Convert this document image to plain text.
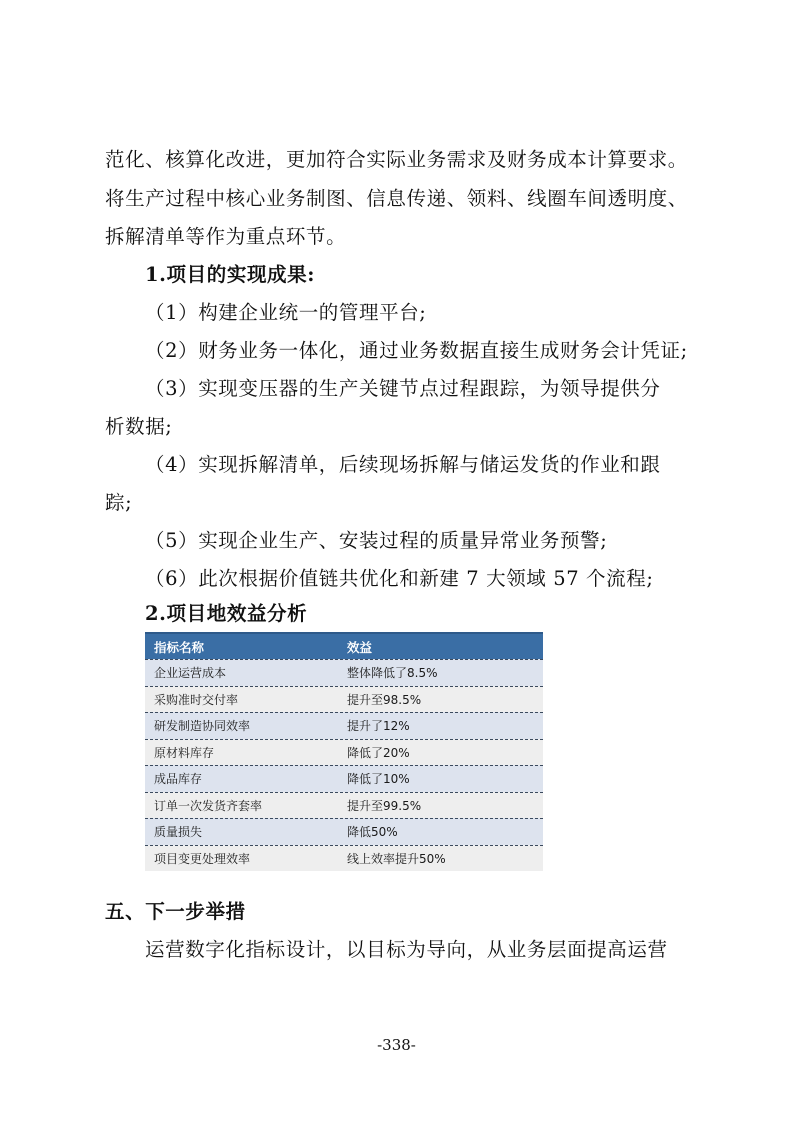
范化、核算化改进，更加符合实际业务需求及财务成本计算要求。
将生产过程中核心业务制图、信息传递、领料、线圈车间透明度、
拆解清单等作为重点环节。
1.项目的实现成果:
（1）构建企业统一的管理平台;
（2）财务业务一体化，通过业务数据直接生成财务会计凭证;
（3）实现变压器的生产关键节点过程跟踪，为领导提供分
析数据;
（4）实现拆解清单，后续现场拆解与储运发货的作业和跟
踪;
（5）实现企业生产、安装过程的质量异常业务预警;
（6）此次根据价值链共优化和新建 7 大领域 57 个流程;
2.项目地效益分析
指标名称	效益
企业运营成本	整体降低了8.5%
采购准时交付率	提升至98.5%
研发制造协同效率	提升了12%
原材料库存	降低了20%
成品库存	降低了10%
订单一次发货齐套率	提升至99.5%
质量损失	降低50%
项目变更处理效率	线上效率提升50%
五、下一步举措
运营数字化指标设计，以目标为导向，从业务层面提高运营
-338-
